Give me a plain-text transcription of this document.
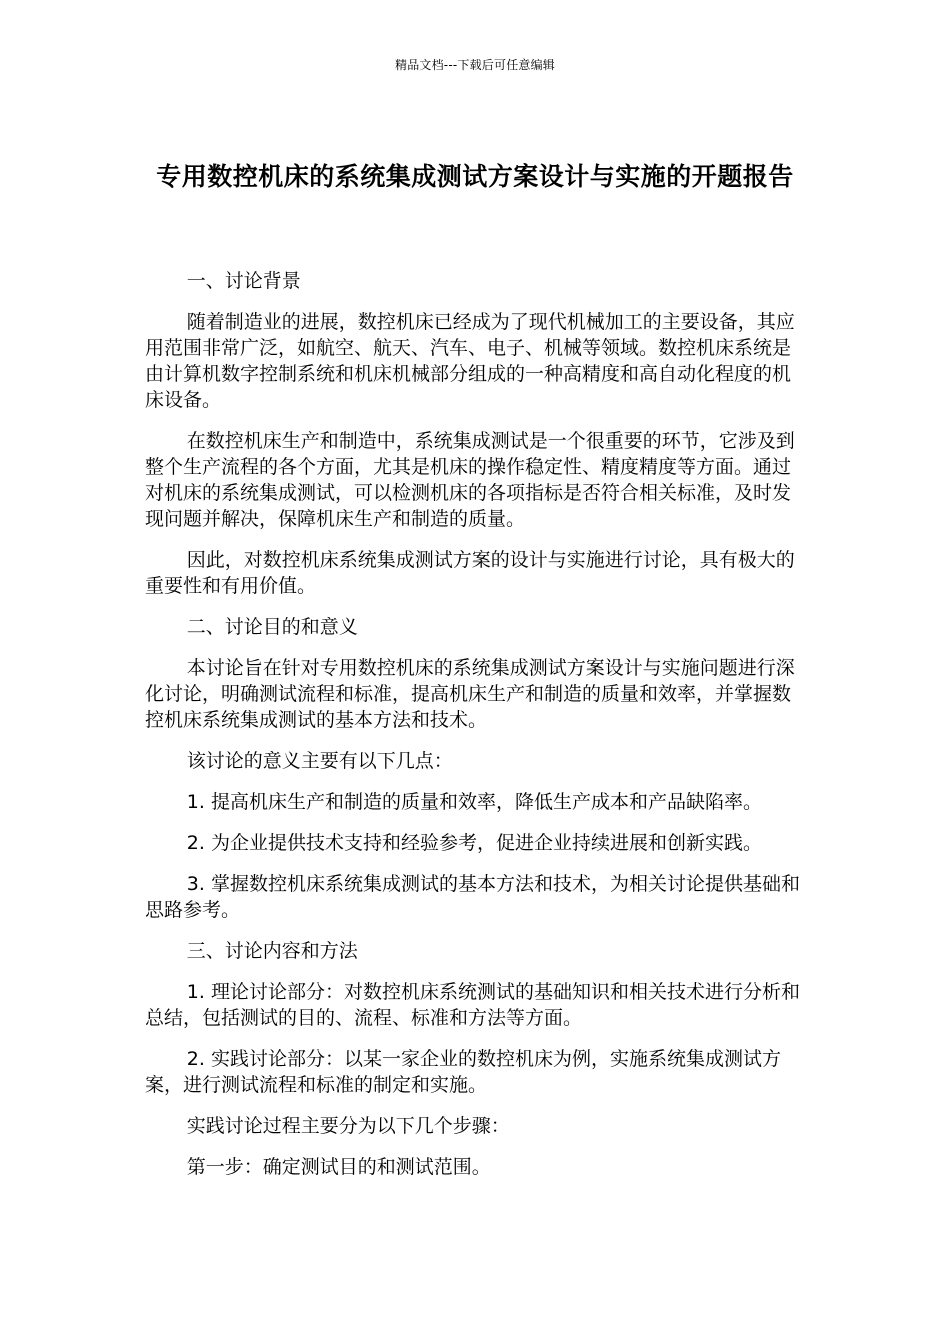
精品文档---下载后可任意编辑
专用数控机床的系统集成测试方案设计与实施的开题报告

一、讨论背景

随着制造业的进展，数控机床已经成为了现代机械加工的主要设备，其应用范围非常广泛，如航空、航天、汽车、电子、机械等领域。数控机床系统是由计算机数字控制系统和机床机械部分组成的一种高精度和高自动化程度的机床设备。

在数控机床生产和制造中，系统集成测试是一个很重要的环节，它涉及到整个生产流程的各个方面，尤其是机床的操作稳定性、精度精度等方面。通过对机床的系统集成测试，可以检测机床的各项指标是否符合相关标准，及时发现问题并解决，保障机床生产和制造的质量。

因此，对数控机床系统集成测试方案的设计与实施进行讨论，具有极大的重要性和有用价值。

二、讨论目的和意义

本讨论旨在针对专用数控机床的系统集成测试方案设计与实施问题进行深化讨论，明确测试流程和标准，提高机床生产和制造的质量和效率，并掌握数控机床系统集成测试的基本方法和技术。

该讨论的意义主要有以下几点：

1. 提高机床生产和制造的质量和效率，降低生产成本和产品缺陷率。

2. 为企业提供技术支持和经验参考，促进企业持续进展和创新实践。

3. 掌握数控机床系统集成测试的基本方法和技术，为相关讨论提供基础和思路参考。

三、讨论内容和方法

1. 理论讨论部分：对数控机床系统测试的基础知识和相关技术进行分析和总结，包括测试的目的、流程、标准和方法等方面。

2. 实践讨论部分：以某一家企业的数控机床为例，实施系统集成测试方案，进行测试流程和标准的制定和实施。

实践讨论过程主要分为以下几个步骤：

第一步：确定测试目的和测试范围。
